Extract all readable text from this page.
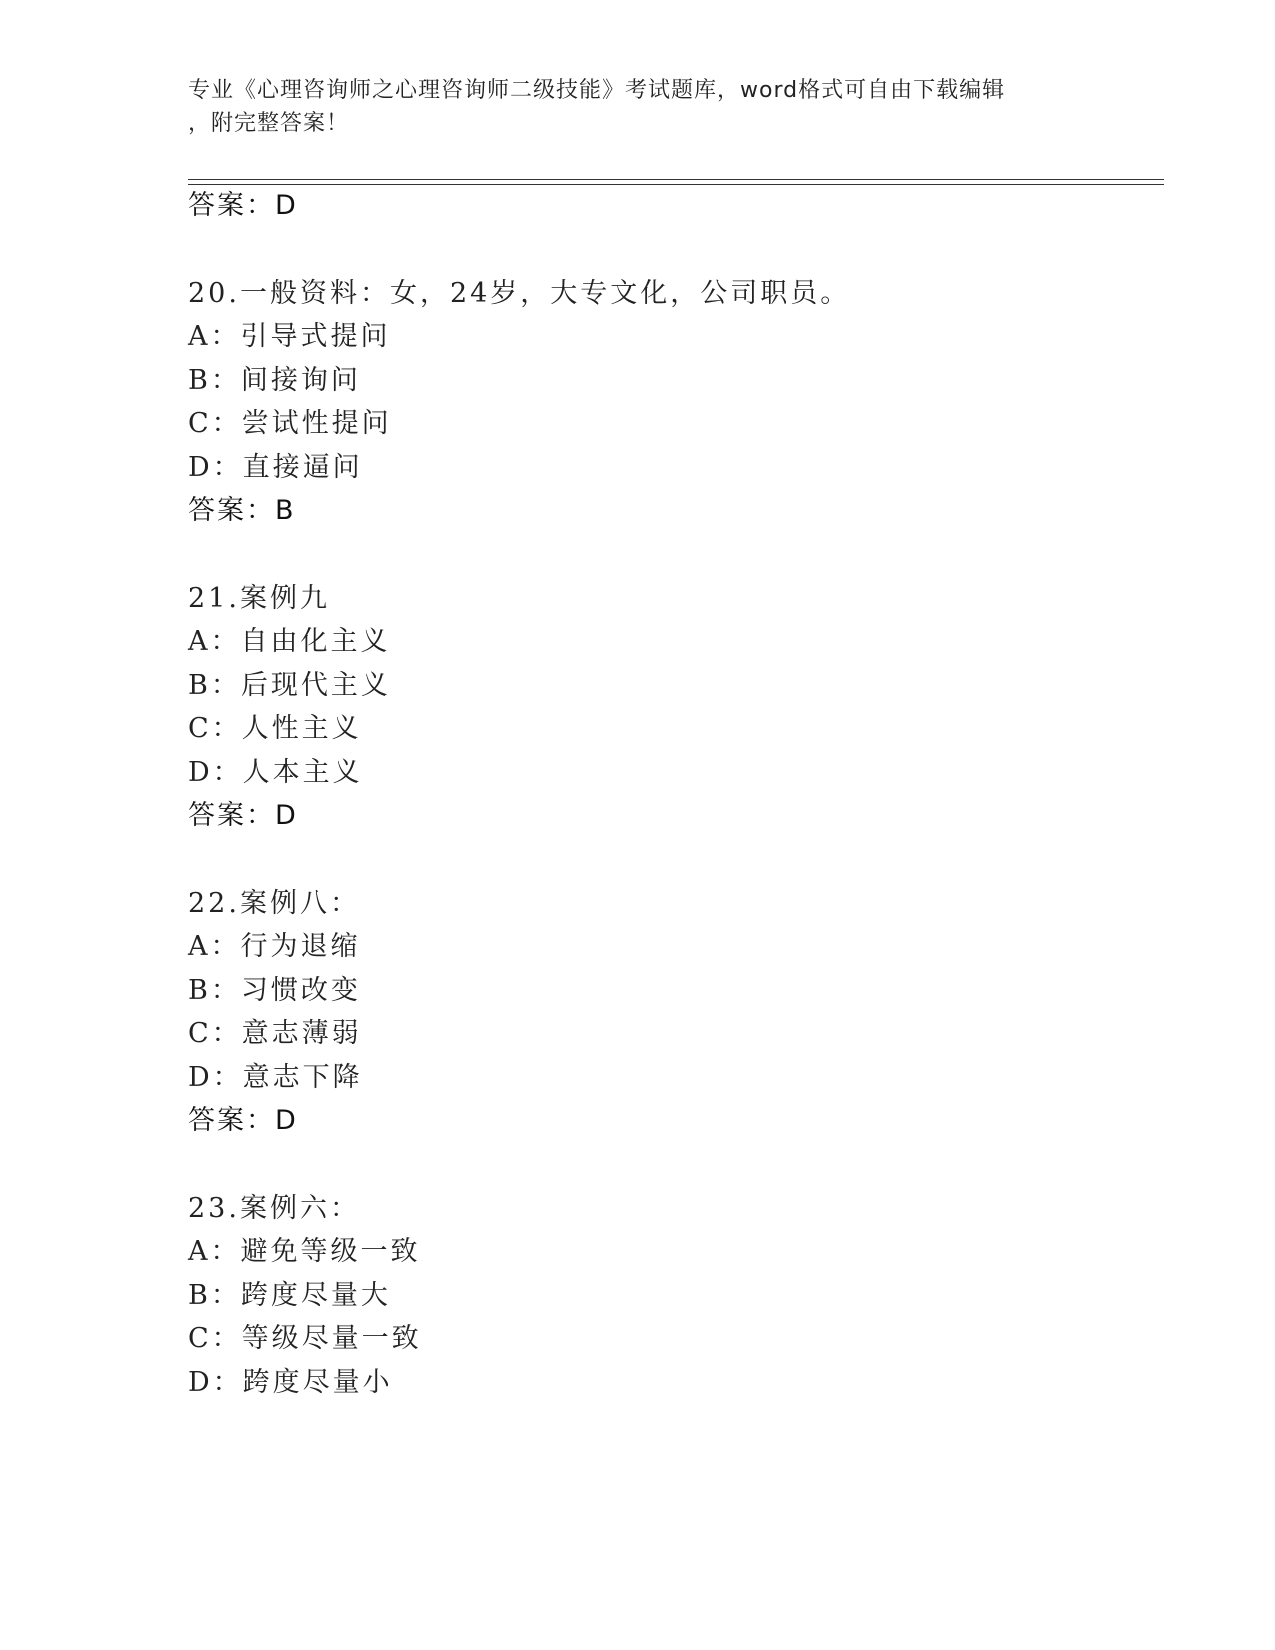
专业《心理咨询师之心理咨询师二级技能》考试题库，word格式可自由下载编辑
，附完整答案！
答案：D
20.一般资料：女，24岁，大专文化，公司职员。
A：引导式提问
B：间接询问
C：尝试性提问
D：直接逼问
答案：B
21.案例九
A：自由化主义
B：后现代主义
C：人性主义
D：人本主义
答案：D
22.案例八：
A：行为退缩
B：习惯改变
C：意志薄弱
D：意志下降
答案：D
23.案例六：
A：避免等级一致
B：跨度尽量大
C：等级尽量一致
D：跨度尽量小
